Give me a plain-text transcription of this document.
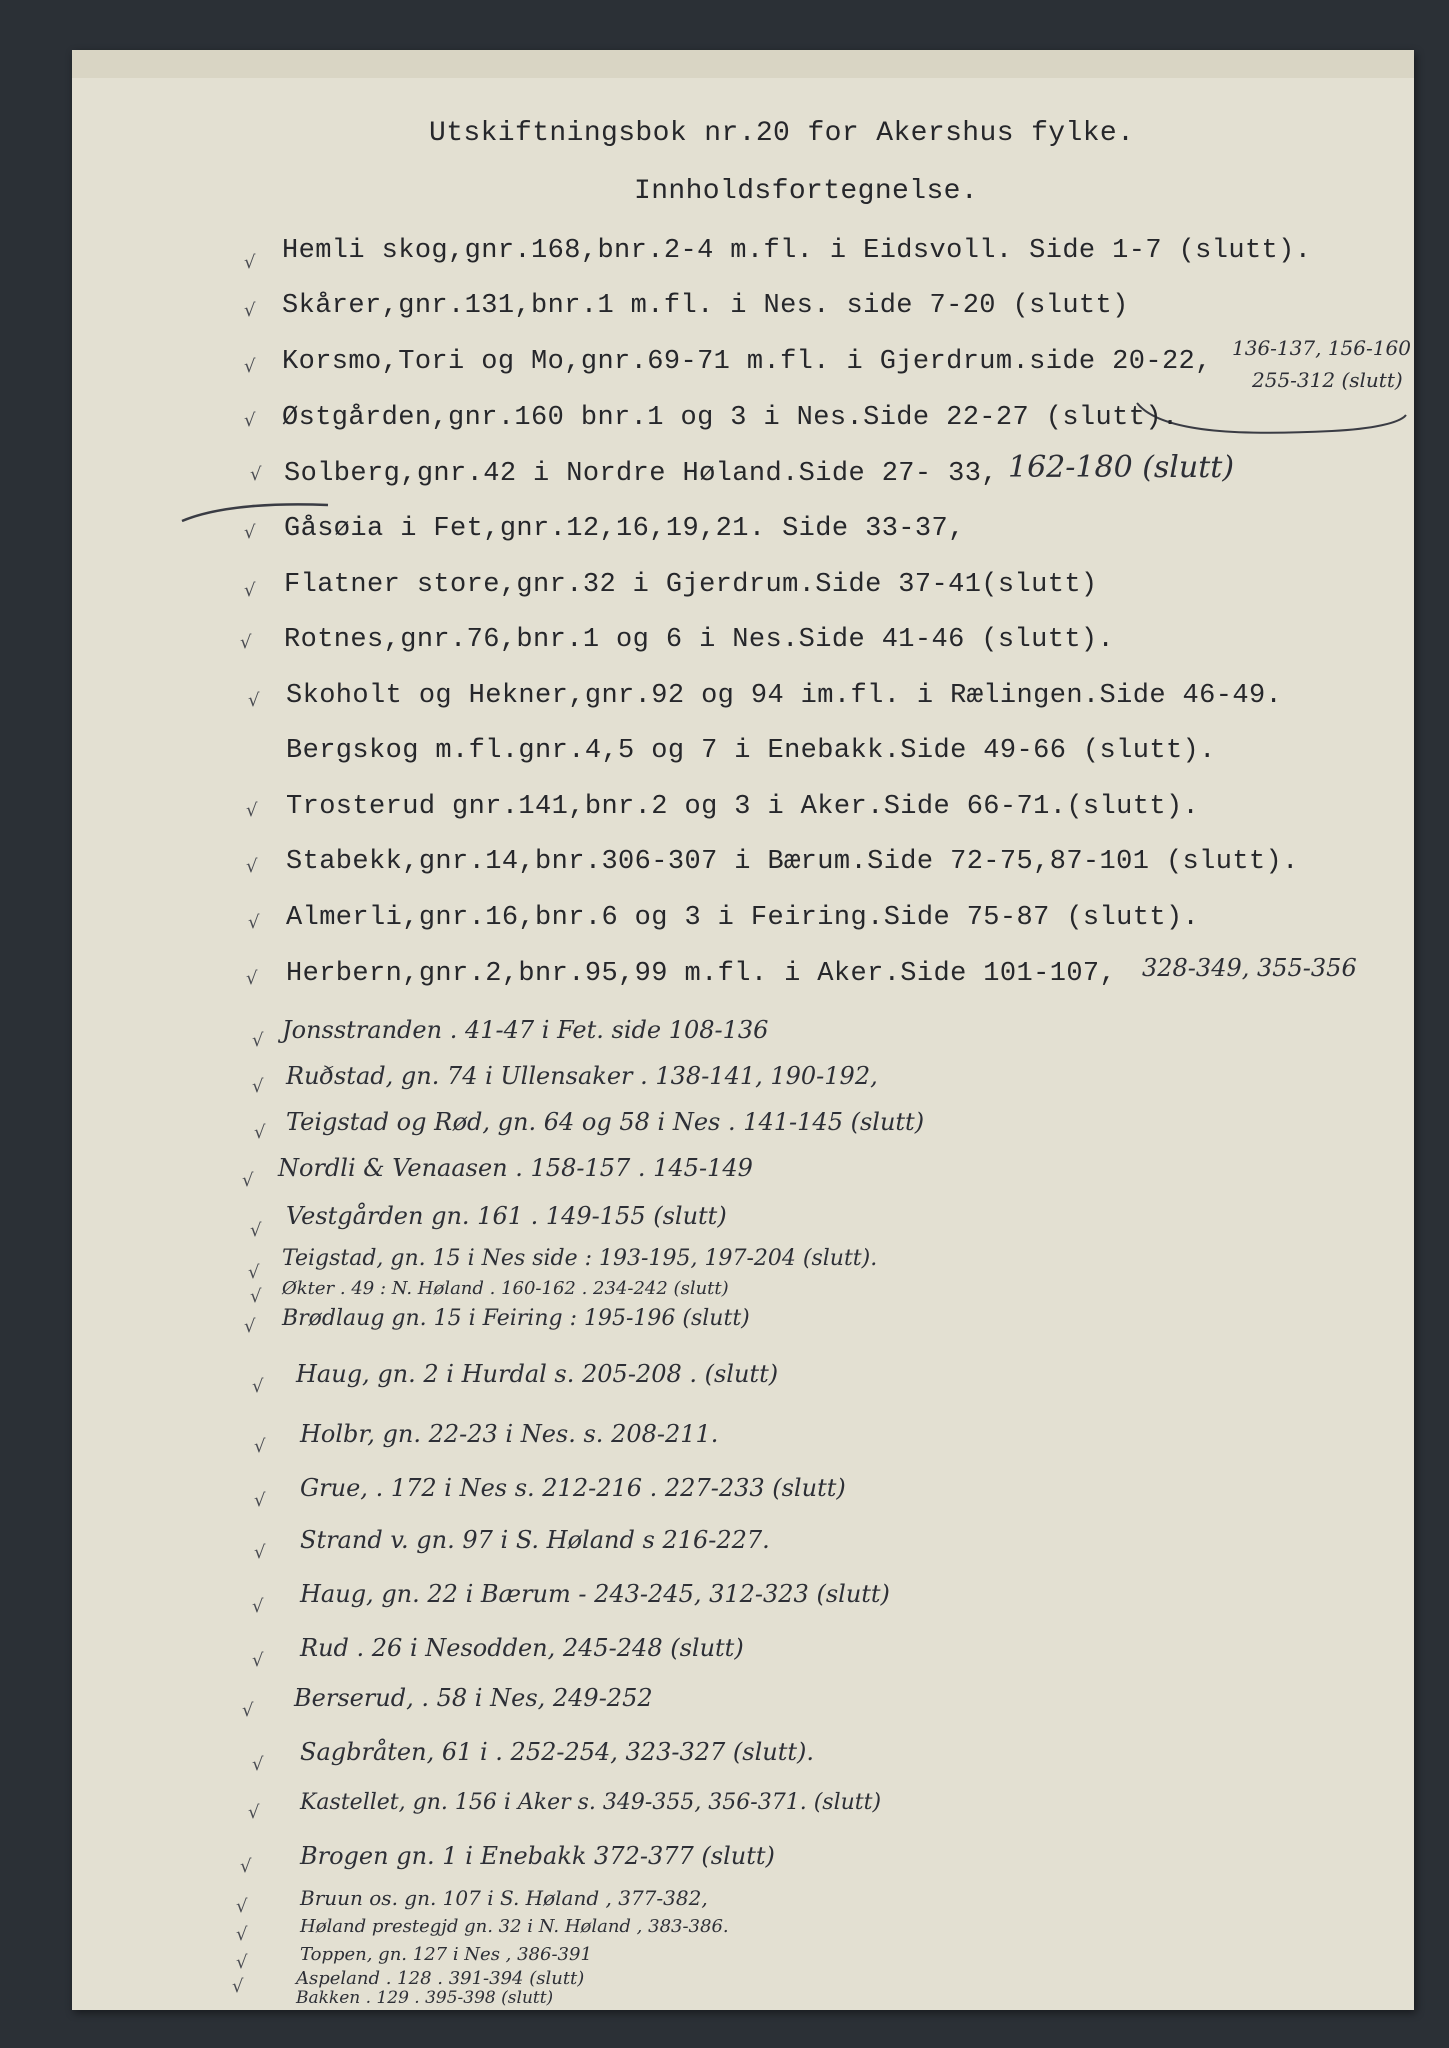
Utskiftningsbok nr.20 for Akershus fylke.
Innholdsfortegnelse.
√ Hemli skog,gnr.168,bnr.2-4 m.fl. i Eidsvoll. Side 1-7 (slutt).
√ Skårer,gnr.131,bnr.1 m.fl. i Nes. side 7-20 (slutt)
√ Korsmo,Tori og Mo,gnr.69-71 m.fl. i Gjerdrum.side 20-22, 136-137, 156-160
255-312 (slutt)
√ Østgården,gnr.160 bnr.1 og 3 i Nes.Side 22-27 (slutt).
√ Solberg,gnr.42 i Nordre Høland.Side 27- 33, 162-180 (slutt)
√ Gåsøia i Fet,gnr.12,16,19,21. Side 33-37,
√ Flatner store,gnr.32 i Gjerdrum.Side 37-41(slutt)
√ Rotnes,gnr.76,bnr.1 og 6 i Nes.Side 41-46 (slutt).
√ Skoholt og Hekner,gnr.92 og 94 im.fl. i Rælingen.Side 46-49.
Bergskog m.fl.gnr.4,5 og 7 i Enebakk.Side 49-66 (slutt).
√ Trosterud gnr.141,bnr.2 og 3 i Aker.Side 66-71.(slutt).
√ Stabekk,gnr.14,bnr.306-307 i Bærum.Side 72-75,87-101 (slutt).
√ Almerli,gnr.16,bnr.6 og 3 i Feiring.Side 75-87 (slutt).
√ Herbern,gnr.2,bnr.95,99 m.fl. i Aker.Side 101-107, 328-349, 355-356
√ Jonsstranden . 41-47 i Fet. side 108-136
√ Ruðstad, gn. 74 i Ullensaker . 138-141, 190-192,
√ Teigstad og Rød, gn. 64 og 58 i Nes . 141-145 (slutt)
√ Nordli & Venaasen . 158-157 . 145-149
√
Vestgården gn. 161 . 149-155 (slutt)
√
Teigstad, gn. 15 i Nes side : 193-195, 197-204 (slutt).
√ Økter . 49 : N. Høland . 160-162 . 234-242 (slutt)
√ Brødlaug gn. 15 i Feiring : 195-196 (slutt)
√ Haug, gn. 2 i Hurdal s. 205-208 . (slutt)
√ Holbr, gn. 22-23 i Nes. s. 208-211.
√ Grue, . 172 i Nes s. 212-216 . 227-233 (slutt)
√ Strand v. gn. 97 i S. Høland s 216-227.
√ Haug, gn. 22 i Bærum - 243-245, 312-323 (slutt)
√ Rud . 26 i Nesodden, 245-248 (slutt)
√ Berserud, . 58 i Nes, 249-252
√ Sagbråten, 61 i . 252-254, 323-327 (slutt).
√ Kastellet, gn. 156 i Aker s. 349-355, 356-371. (slutt)
√ Brogen gn. 1 i Enebakk 372-377 (slutt)
√	Bruun os. gn. 107 i S. Høland , 377-382,
√	Høland prestegjd gn. 32 i N. Høland , 383-386.
√	Toppen, gn. 127 i Nes , 386-391
√	Aspeland . 128 . 391-394 (slutt)
Bakken . 129 . 395-398 (slutt)
